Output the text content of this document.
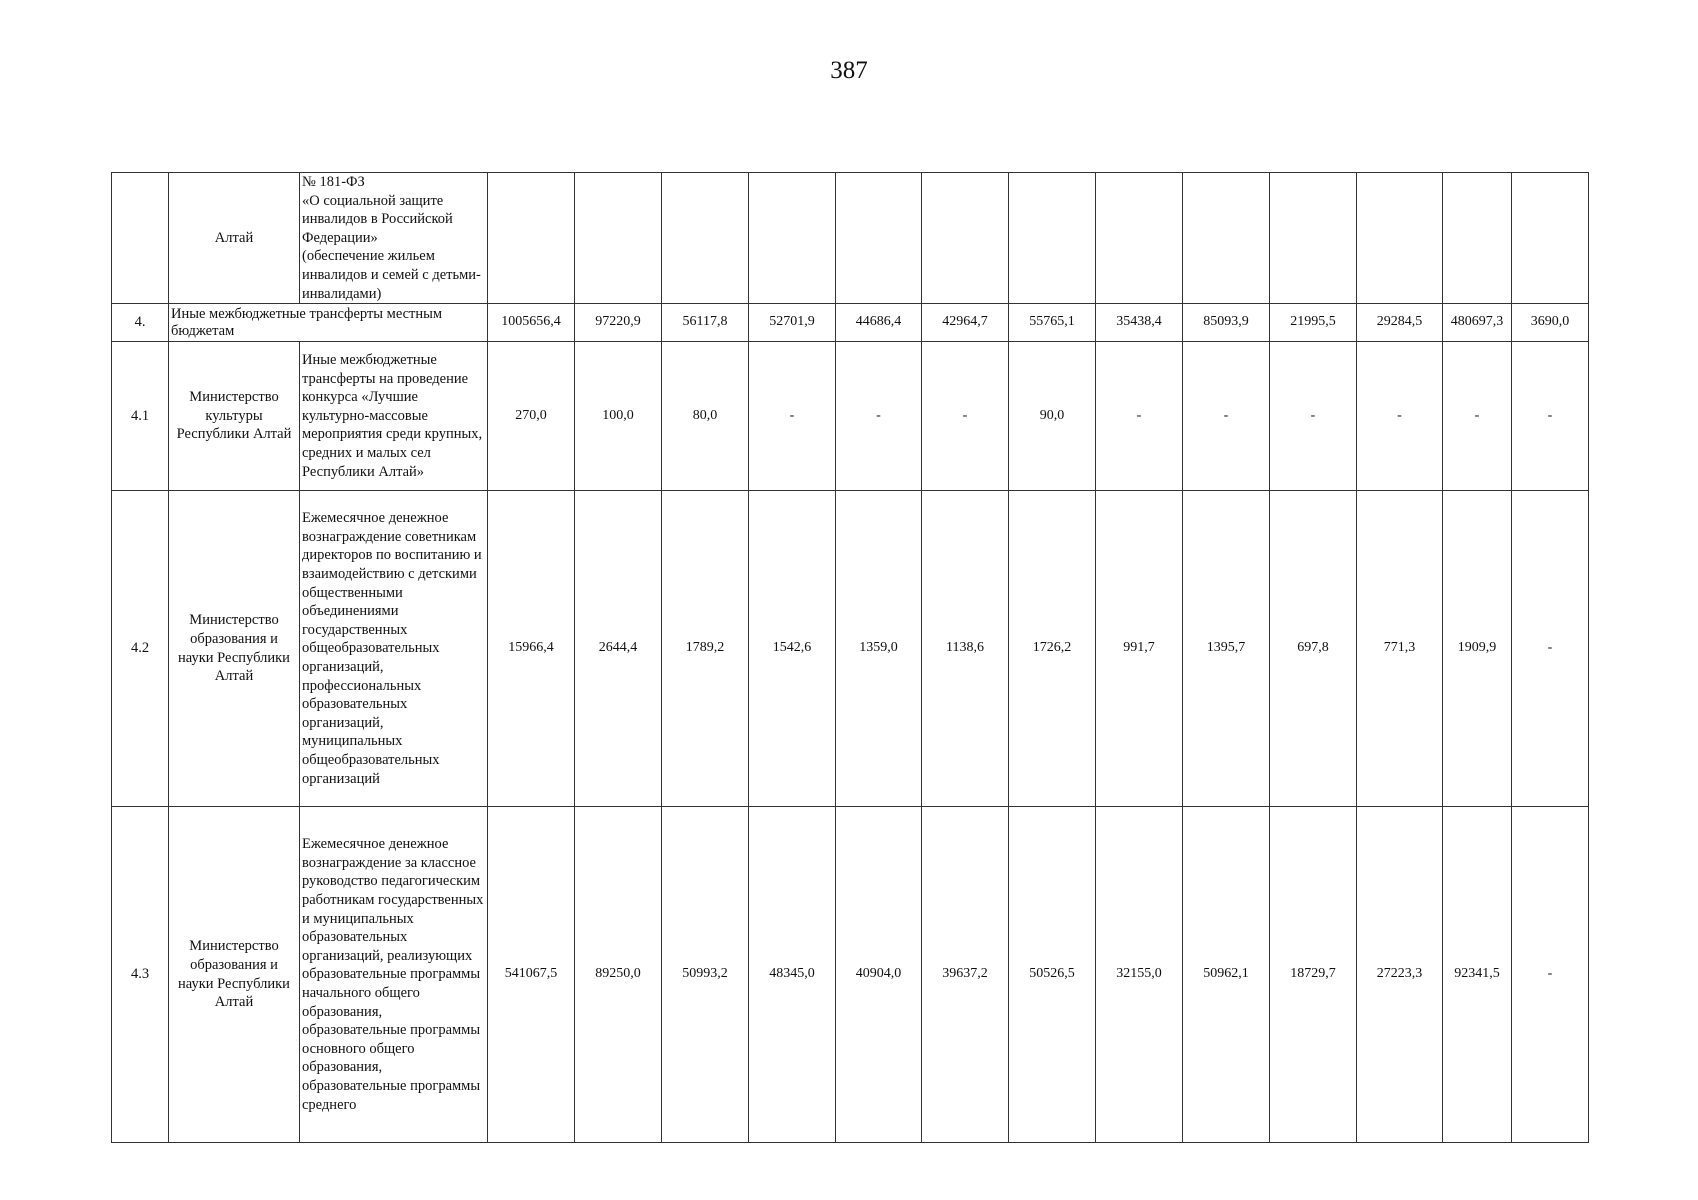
387
	Алтай	№ 181-ФЗ
«О социальной защите инвалидов в Российской Федерации»
(обеспечение жильем инвалидов и семей с детьми-инвалидами)													
4.	Иные межбюджетные трансферты местным бюджетам		1005656,4	97220,9	56117,8	52701,9	44686,4	42964,7	55765,1	35438,4	85093,9	21995,5	29284,5	480697,3	3690,0
4.1	Министерство культуры Республики Алтай	Иные межбюджетные трансферты на проведение конкурса «Лучшие культурно-массовые мероприятия среди крупных, средних и малых сел Республики Алтай»	270,0	100,0	80,0	-	-	-	90,0	-	-	-	-	-	-
4.2	Министерство образования и науки Республики Алтай	Ежемесячное денежное вознаграждение советникам директоров по воспитанию и взаимодействию с детскими общественными объединениями государственных общеобразовательных организаций, профессиональных образовательных организаций, муниципальных общеобразовательных организаций	15966,4	2644,4	1789,2	1542,6	1359,0	1138,6	1726,2	991,7	1395,7	697,8	771,3	1909,9	-
4.3	Министерство образования и науки Республики Алтай	Ежемесячное денежное вознаграждение за классное руководство педагогическим работникам государственных и муниципальных образовательных организаций, реализующих образовательные программы начального общего образования, образовательные программы основного общего образования, образовательные программы среднего	541067,5	89250,0	50993,2	48345,0	40904,0	39637,2	50526,5	32155,0	50962,1	18729,7	27223,3	92341,5	-
